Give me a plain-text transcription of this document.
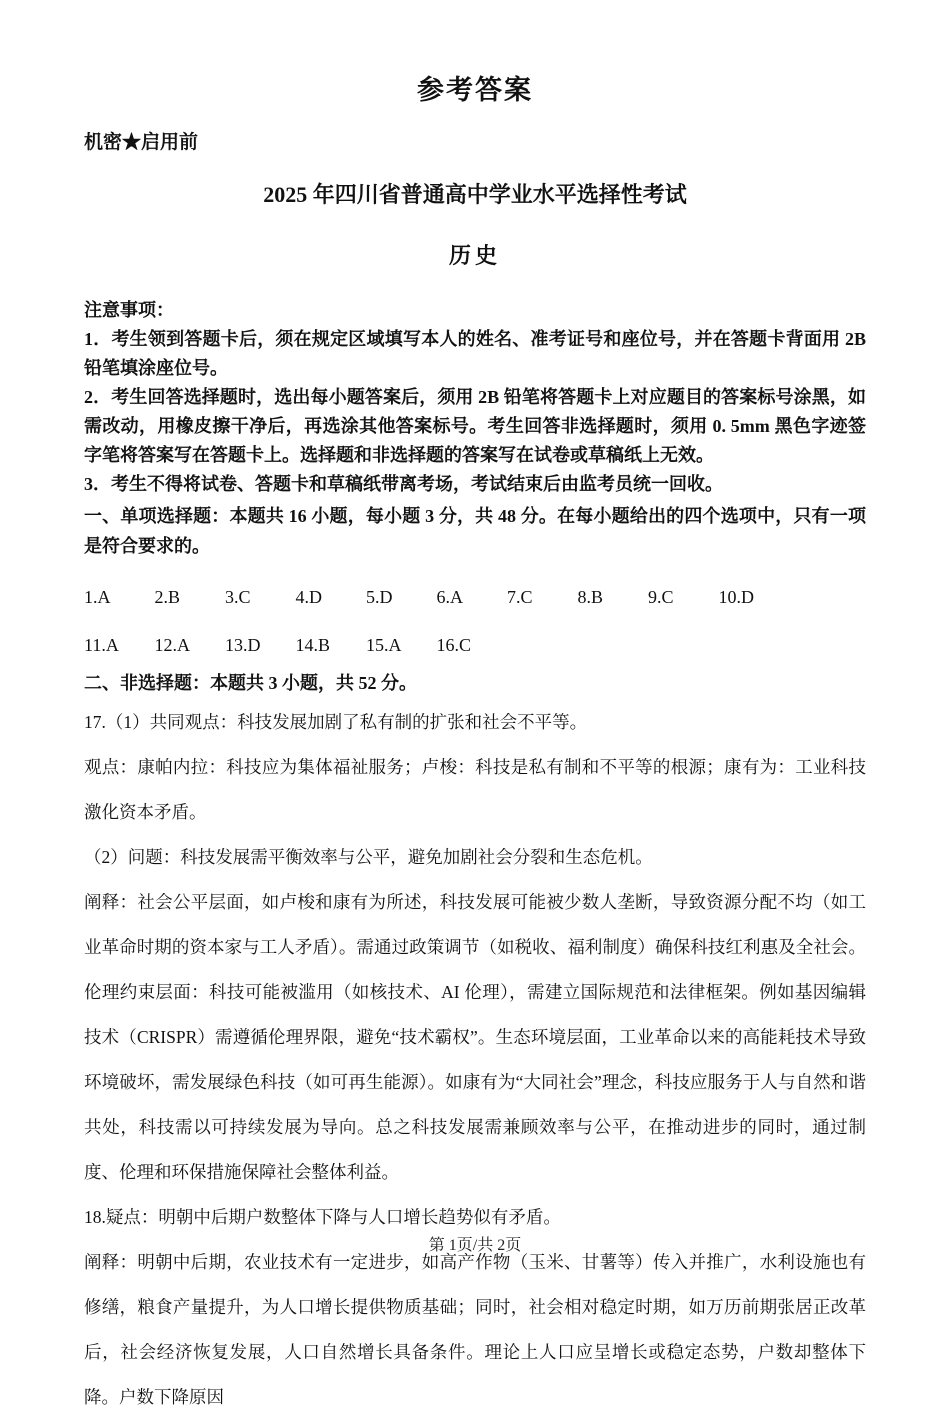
参考答案
机密★启用前
2025 年四川省普通高中学业水平选择性考试
历史
注意事项：

1．考生领到答题卡后，须在规定区域填写本人的姓名、准考证号和座位号，并在答题卡背面用 2B 铅笔填涂座位号。

2．考生回答选择题时，选出每小题答案后，须用 2B 铅笔将答题卡上对应题目的答案标号涂黑，如需改动，用橡皮擦干净后，再选涂其他答案标号。考生回答非选择题时，须用 0. 5mm 黑色字迹签字笔将答案写在答题卡上。选择题和非选择题的答案写在试卷或草稿纸上无效。

3．考生不得将试卷、答题卡和草稿纸带离考场，考试结束后由监考员统一回收。

一、单项选择题：本题共 16 小题，每小题 3 分，共 48 分。在每小题给出的四个选项中，只有一项是符合要求的。

1.A 2.B 3.C 4.D 5.D 6.A 7.C 8.B 9.C 10.D
11.A 12.A 13.D 14.B 15.A 16.C

二、非选择题：本题共 3 小题，共 52 分。

17.（1）共同观点：科技发展加剧了私有制的扩张和社会不平等。

观点：康帕内拉：科技应为集体福祉服务；卢梭：科技是私有制和不平等的根源；康有为：工业科技激化资本矛盾。

（2）问题：科技发展需平衡效率与公平，避免加剧社会分裂和生态危机。

阐释：社会公平层面，如卢梭和康有为所述，科技发展可能被少数人垄断，导致资源分配不均（如工业革命时期的资本家与工人矛盾）。需通过政策调节（如税收、福利制度）确保科技红利惠及全社会。伦理约束层面：科技可能被滥用（如核技术、AI 伦理），需建立国际规范和法律框架。例如基因编辑技术（CRISPR）需遵循伦理界限，避免“技术霸权”。生态环境层面，工业革命以来的高能耗技术导致环境破坏，需发展绿色科技（如可再生能源）。如康有为“大同社会”理念，科技应服务于人与自然和谐共处，科技需以可持续发展为导向。总之科技发展需兼顾效率与公平，在推动进步的同时，通过制度、伦理和环保措施保障社会整体利益。

18.疑点：明朝中后期户数整体下降与人口增长趋势似有矛盾。

阐释：明朝中后期，农业技术有一定进步，如高产作物（玉米、甘薯等）传入并推广，水利设施也有修缮，粮食产量提升，为人口增长提供物质基础；同时，社会相对稳定时期，如万历前期张居正改革后，社会经济恢复发展，人口自然增长具备条件。理论上人口应呈增长或稳定态势，户数却整体下降。户数下降原因

第 1页/共 2页
